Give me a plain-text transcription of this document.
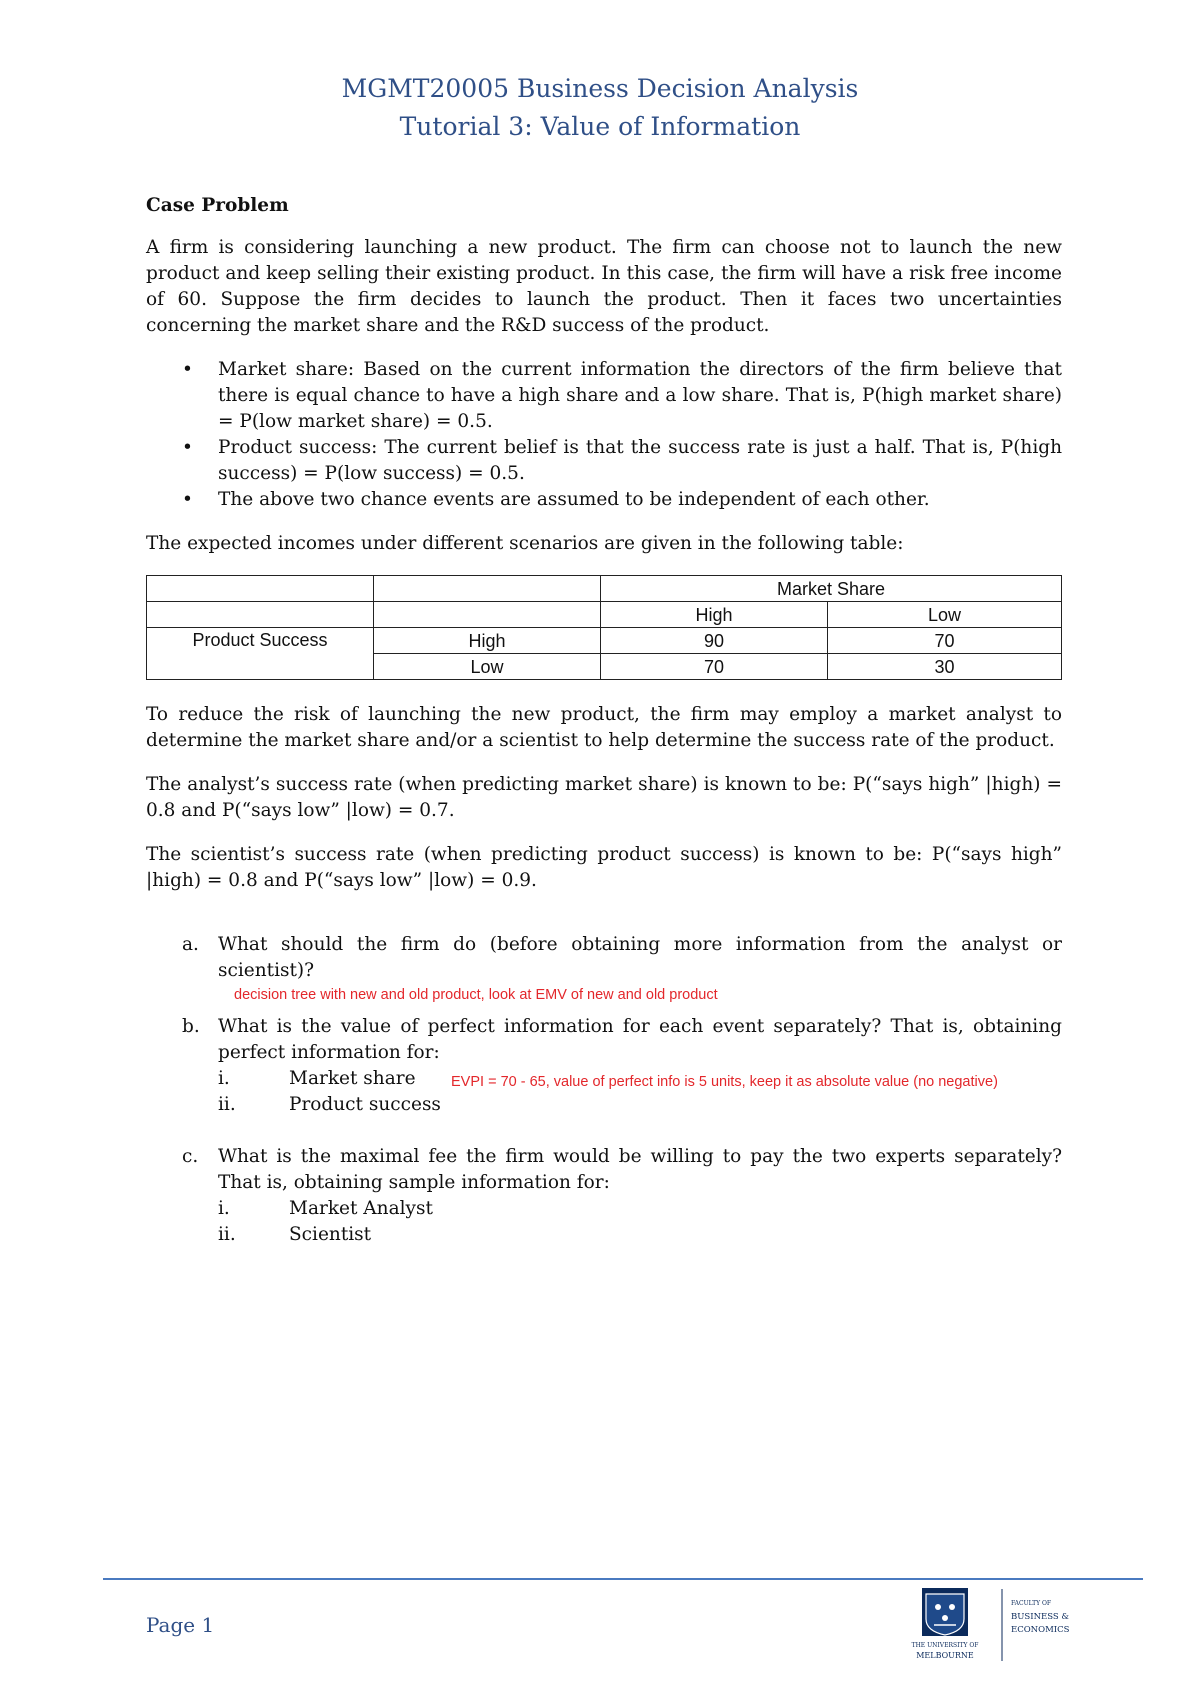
MGMT20005 Business Decision Analysis
Tutorial 3: Value of Information
Case Problem

A firm is considering launching a new product. The firm can choose not to launch the new product and keep selling their existing product. In this case, the firm will have a risk free income of 60. Suppose the firm decides to launch the product. Then it faces two uncertainties concerning the market share and the R&D success of the product.

• Market share: Based on the current information the directors of the firm believe that there is equal chance to have a high share and a low share. That is, P(high market share) = P(low market share) = 0.5.
• Product success: The current belief is that the success rate is just a half. That is, P(high success) = P(low success) = 0.5.
• The above two chance events are assumed to be independent of each other.

The expected incomes under different scenarios are given in the following table:

		Market Share	
		High	Low
Product Success	High	90	70
	Low	70	30

To reduce the risk of launching the new product, the firm may employ a market analyst to determine the market share and/or a scientist to help determine the success rate of the product.

The analyst’s success rate (when predicting market share) is known to be: P(“says high” |high) = 0.8 and P(“says low” |low) = 0.7.

The scientist’s success rate (when predicting product success) is known to be: P(“says high” |high) = 0.8 and P(“says low” |low) = 0.9.

a. What should the firm do (before obtaining more information from the analyst or scientist)?
decision tree with new and old product, look at EMV of new and old product
b. What is the value of perfect information for each event separately? That is, obtaining perfect information for:
i.	Market share EVPI = 70 - 65, value of perfect info is 5 units, keep it as absolute value (no negative)
ii.	Product success
c. What is the maximal fee the firm would be willing to pay the two experts separately? That is, obtaining sample information for:
i.	Market Analyst
ii.	Scientist
Page 1
THE UNIVERSITY OF
MELBOURNE
FACULTY OF
BUSINESS &
ECONOMICS
